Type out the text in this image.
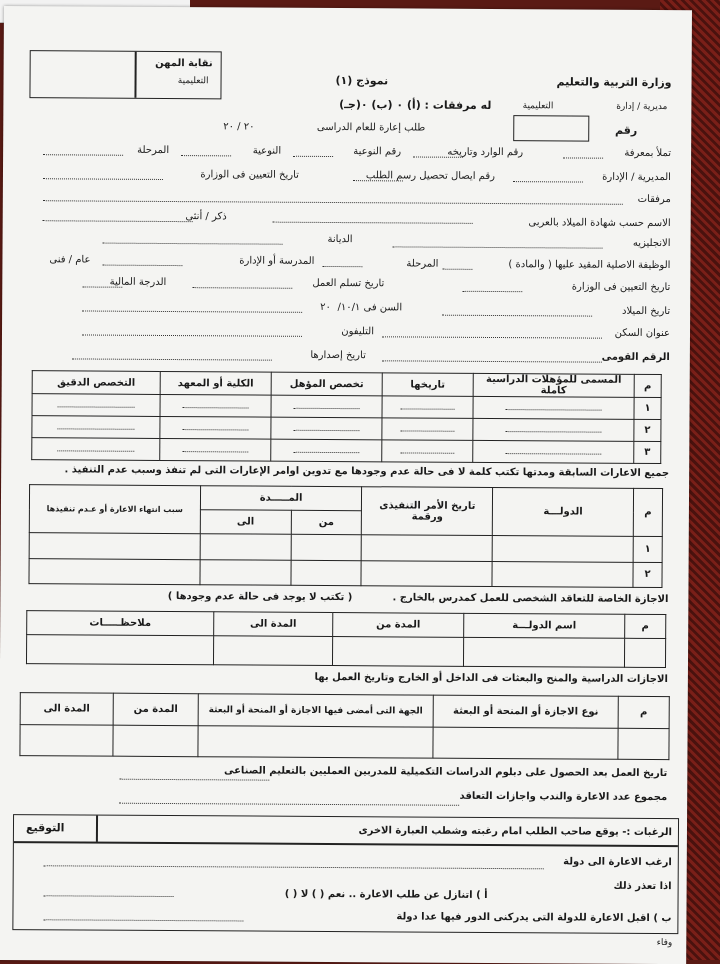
نقابة المهن
التعليمية	نموذج (١)
له مرفقات : (أ) ٠ (ب) ٠(جـ)
وزارة التربية والتعليم
مديرية / إدارة
التعليمية
طلب إعارة للعام الدراسى
٢٠ / ٢٠	رقم
تملأ بمعرفة
رقم الوارد وتاريخه
رقم النوعية
النوعية
المرحلة
المديرية / الإدارة
رقم ايصال تحصيل رسم الطلب
تاريخ التعيين فى الوزارة
مرفقات
الاسم حسب شهادة الميلاد بالعربى
ذكر / أنثى
الانجليزيه
الديانة
الوظيفة الاصلية المقيد عليها ( والمادة )
المرحلة
المدرسة أو الإدارة
عام / فنى
تاريخ التعيين فى الوزارة
تاريخ تسلم العمل
الدرجة المالية
تاريخ الميلاد
السن فى ١٠/١/
٢٠
عنوان السكن
التليفون
الرقم القومى
تاريخ إصدارها
م	المسمى للمؤهلات الدراسية كاملة	تاريخها	تخصص المؤهل	الكلية أو المعهد	التخصص الدقيق
١					
٢					
٣					
جميع الاعارات السابقة ومدتها تكتب كلمة لا فى حالة عدم وجودها مع تدوين اوامر الإعارات التى لم تنفذ وسبب عدم التنفيذ .
م	الدولـــة	تاريخ الأمر التنفيذى ورقمة	المـــــدة		سبب انتهاء الاعارة أو عـدم تنفيذها
			من	الى	
١					
٢					
الاجازة الخاصة للتعاقد الشخصى للعمل كمدرس بالخارج .
( تكتب لا يوجد فى حالة عدم وجودها )
م	اسم الدولـــة	المدة من	المدة الى	ملاحظـــــات

الاجازات الدراسية والمنح والبعثات فى الداخل أو الخارج وتاريخ العمل بها
م	نوع الاجازة أو المنحة أو البعثة	الجهة التى أمضى فيها الاجازة أو المنحة أو البعثة	المدة من	المدة الى

تاريخ العمل بعد الحصول على دبلوم الدراسات التكميلية للمدربين العمليين بالتعليم الصناعى
مجموع عدد الاعارة والندب واجازات التعاقد
الرغبات :- يوقع صاحب الطلب امام رغبته وشطب العبارة الاخرى
التوقيع
ارغب الاعارة الى دولة
اذا تعذر ذلك
أ ) اتنازل عن طلب الاعارة .. نعم ( ) لا ( )
ب ) اقبل الاعارة للدولة التى يدركنى الدور فيها عدا دولة
وفاء
